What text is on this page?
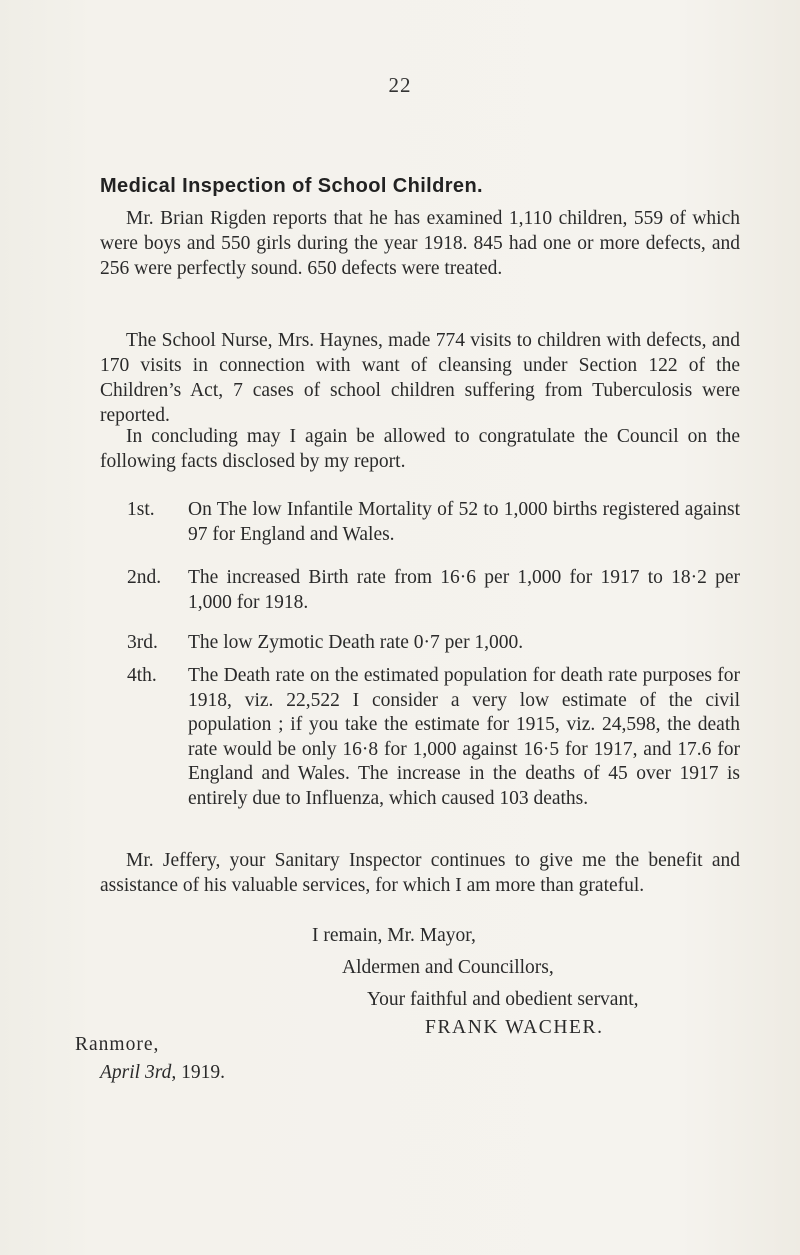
22
Medical Inspection of School Children.

Mr. Brian Rigden reports that he has examined 1,110 children, 559 of which were boys and 550 girls during the year 1918. 845 had one or more defects, and 256 were perfectly sound. 650 defects were treated.

The School Nurse, Mrs. Haynes, made 774 visits to children with defects, and 170 visits in connection with want of cleansing under Section 122 of the Children’s Act, 7 cases of school children suffering from Tuberculosis were reported.

In concluding may I again be allowed to congratulate the Council on the following facts disclosed by my report.

1st. On The low Infantile Mortality of 52 to 1,000 births registered against 97 for England and Wales.
2nd. The increased Birth rate from 16·6 per 1,000 for 1917 to 18·2 per 1,000 for 1918.
3rd. The low Zymotic Death rate 0·7 per 1,000.
4th. The Death rate on the estimated population for death rate purposes for 1918, viz. 22,522 I consider a very low estimate of the civil population ; if you take the estimate for 1915, viz. 24,598, the death rate would be only 16·8 for 1,000 against 16·5 for 1917, and 17.6 for England and Wales. The increase in the deaths of 45 over 1917 is entirely due to Influenza, which caused 103 deaths.

Mr. Jeffery, your Sanitary Inspector continues to give me the benefit and assistance of his valuable services, for which I am more than grateful.

I remain, Mr. Mayor,
Aldermen and Councillors,
Your faithful and obedient servant,
FRANK WACHER.
Ranmore,
April 3rd, 1919.
